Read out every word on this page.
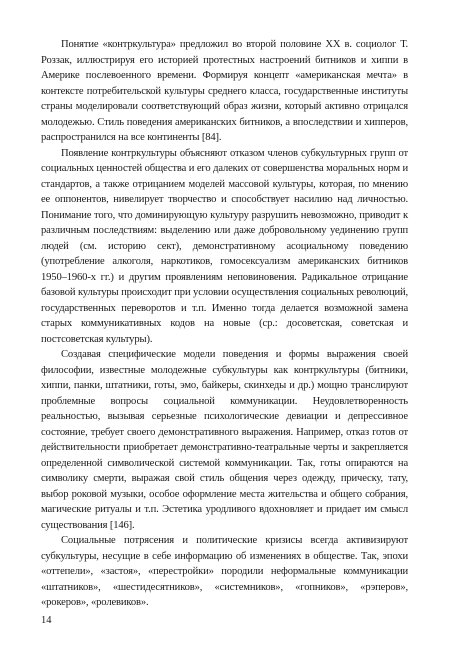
Понятие «контркультура» предложил во второй половине XX в. социолог Т. Роззак, иллюстрируя его историей протестных настроений битников и хиппи в Америке послевоенного времени. Формируя концепт «американская мечта» в контексте потребительской культуры среднего класса, государственные институты страны моделировали соответствующий образ жизни, который активно отрицался молодежью. Стиль поведения американских битников, а впоследствии и хипперов, распространился на все континенты [84].

Появление контркультуры объясняют отказом членов субкультурных групп от социальных ценностей общества и его далеких от совершенства моральных норм и стандартов, а также отрицанием моделей массовой культуры, которая, по мнению ее оппонентов, нивелирует творчество и способствует насилию над личностью. Понимание того, что доминирующую культуру разрушить невозможно, приводит к различным последствиям: выделению или даже добровольному уединению групп людей (см. историю сект), демонстративному асоциальному поведению (употребление алкоголя, наркотиков, гомосексуализм американских битников 1950–1960-х гг.) и другим проявлениям неповиновения. Радикальное отрицание базовой культуры происходит при условии осуществления социальных революций, государственных переворотов и т.п. Именно тогда делается возможной замена старых коммуникативных кодов на новые (ср.: досоветская, советская и постсоветская культуры).

Создавая специфические модели поведения и формы выражения своей философии, известные молодежные субкультуры как контркультуры (битники, хиппи, панки, штатники, готы, эмо, байкеры, скинхеды и др.) мощно транслируют проблемные вопросы социальной коммуникации. Неудовлетворенность реальностью, вызывая серьезные психологические девиации и депрессивное состояние, требует своего демонстративного выражения. Например, отказ готов от действительности приобретает демонстративно-театральные черты и закрепляется определенной символической системой коммуникации. Так, готы опираются на символику смерти, выражая свой стиль общения через одежду, прическу, тату, выбор роковой музыки, особое оформление места жительства и общего собрания, магические ритуалы и т.п. Эстетика уродливого вдохновляет и придает им смысл существования [146].

Социальные потрясения и политические кризисы всегда активизируют субкультуры, несущие в себе информацию об изменениях в обществе. Так, эпохи «оттепели», «застоя», «перестройки» породили неформальные коммуникации «штатников», «шестидесятников», «системников», «гопников», «рэперов», «рокеров», «ролевиков».

14
